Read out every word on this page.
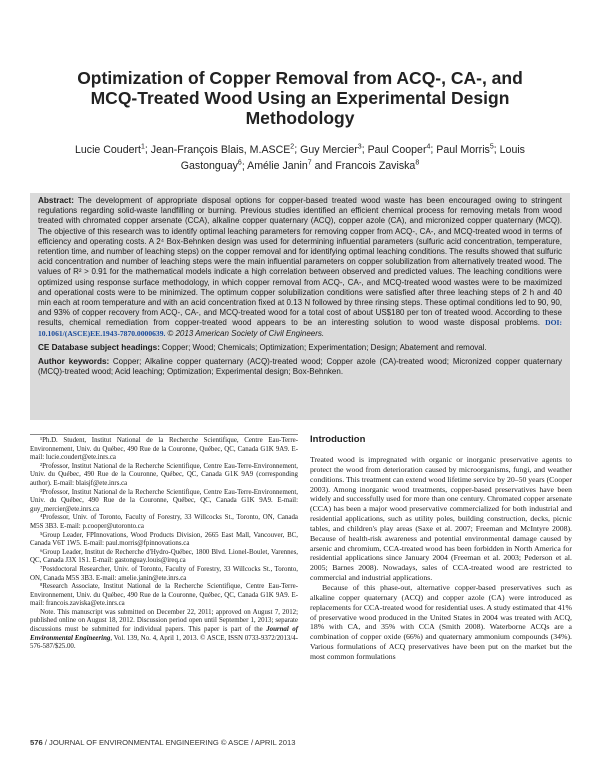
Optimization of Copper Removal from ACQ-, CA-, and MCQ-Treated Wood Using an Experimental Design Methodology
Lucie Coudert$^1$; Jean-François Blais, M.ASCE$^2$; Guy Mercier$^3$; Paul Cooper$^4$; Paul Morris$^5$; Louis Gastonguay$^6$; Amélie Janin$^7$ and Francois Zaviska$^8$

Abstract: The development of appropriate disposal options for copper-based treated wood waste has been encouraged owing to stringent regulations regarding solid-waste landfilling or burning. Previous studies identified an efficient chemical process for removing metals from wood treated with chromated copper arsenate (CCA), alkaline copper quaternary (ACQ), copper azole (CA), and micronized copper quaternary (MCQ). The objective of this research was to identify optimal leaching parameters for removing copper from ACQ-, CA-, and MCQ-treated wood in terms of efficiency and operating costs. A 2⁴ Box-Behnken design was used for determining influential parameters (sulfuric acid concentration, temperature, retention time, and number of leaching steps) on the copper removal and for identifying optimal leaching conditions. The results showed that sulfuric acid concentration and number of leaching steps were the main influential parameters on copper solubilization from alternatively treated wood. The values of R² > 0.91 for the mathematical models indicate a high correlation between observed and predicted values. The leaching conditions were optimized using response surface methodology, in which copper removal from ACQ-, CA-, and MCQ-treated wood wastes were to be maximized and operational costs were to be minimized. The optimum copper solubilization conditions were satisfied after three leaching steps of 2 h and 40 min each at room temperature and with an acid concentration fixed at 0.13 N followed by three rinsing steps. These optimal conditions led to 90, 90, and 93% of copper recovery from ACQ-, CA-, and MCQ-treated wood for a total cost of about US$180 per ton of treated wood. According to these results, chemical remediation from copper-treated wood appears to be an interesting solution to wood waste disposal problems. DOI: 10.1061/(ASCE)EE.1943-7870.0000639. © 2013 American Society of Civil Engineers.

CE Database subject headings: Copper; Wood; Chemicals; Optimization; Experimentation; Design; Abatement and removal.

Author keywords: Copper; Alkaline copper quaternary (ACQ)-treated wood; Copper azole (CA)-treated wood; Micronized copper quaternary (MCQ)-treated wood; Acid leaching; Optimization; Experimental design; Box-Behnken.

¹Ph.D. Student, Institut National de la Recherche Scientifique, Centre Eau-Terre-Environnement, Univ. du Québec, 490 Rue de la Couronne, Québec, QC, Canada G1K 9A9. E-mail: lucie.coudert@ete.inrs.ca

²Professor, Institut National de la Recherche Scientifique, Centre Eau-Terre-Environnement, Univ. du Québec, 490 Rue de la Couronne, Québec, QC, Canada G1K 9A9 (corresponding author). E-mail: blaisjf@ete.inrs.ca

³Professor, Institut National de la Recherche Scientifique, Centre Eau-Terre-Environnement, Univ. du Québec, 490 Rue de la Couronne, Québec, QC, Canada G1K 9A9. E-mail: guy_mercier@ete.inrs.ca

⁴Professor, Univ. of Toronto, Faculty of Forestry, 33 Willcocks St., Toronto, ON, Canada M5S 3B3. E-mail: p.cooper@utoronto.ca

⁵Group Leader, FPInnovations, Wood Products Division, 2665 East Mall, Vancouver, BC, Canada V6T 1W5. E-mail: paul.morris@fpinnovations.ca

⁶Group Leader, Institut de Recherche d'Hydro-Québec, 1800 Blvd. Lionel-Boulet, Varennes, QC, Canada J3X 1S1. E-mail: gastonguay.louis@ireq.ca

⁷Postdoctoral Researcher, Univ. of Toronto, Faculty of Forestry, 33 Willcocks St., Toronto, ON, Canada M5S 3B3. E-mail: amelie.janin@ete.inrs.ca

⁸Research Associate, Institut National de la Recherche Scientifique, Centre Eau-Terre-Environnement, Univ. du Québec, 490 Rue de la Couronne, Québec, QC, Canada G1K 9A9. E-mail: francois.zaviska@ete.inrs.ca

Note. This manuscript was submitted on December 22, 2011; approved on August 7, 2012; published online on August 18, 2012. Discussion period open until September 1, 2013; separate discussions must be submitted for individual papers. This paper is part of the Journal of Environmental Engineering, Vol. 139, No. 4, April 1, 2013. © ASCE, ISSN 0733-9372/2013/4-576-587/$25.00.

Introduction

Treated wood is impregnated with organic or inorganic preservative agents to protect the wood from deterioration caused by microorganisms, fungi, and weather conditions. This treatment can extend wood lifetime service by 20–50 years (Cooper 2003). Among inorganic wood treatments, copper-based preservatives have been widely and successfully used for more than one century. Chromated copper arsenate (CCA) has been a major wood preservative commercialized for both industrial and residential applications, such as utility poles, building construction, decks, picnic tables, and children's play areas (Saxe et al. 2007; Freeman and McIntyre 2008). Because of health-risk awareness and potential environmental damage caused by arsenic and chromium, CCA-treated wood has been forbidden in North America for residential applications since January 2004 (Freeman et al. 2003; Pederson et al. 2005; Barnes 2008). Nowadays, sales of CCA-treated wood are restricted to commercial and industrial applications.

Because of this phase-out, alternative copper-based preservatives such as alkaline copper quaternary (ACQ) and copper azole (CA) were introduced as replacements for CCA-treated wood for residential uses. A study estimated that 41% of preservative wood produced in the United States in 2004 was treated with ACQ, 18% with CA, and 35% with CCA (Smith 2008). Waterborne ACQs are a combination of copper oxide (66%) and quaternary ammonium compounds (34%). Various formulations of ACQ preservatives have been put on the market but the most common formulations

576 / JOURNAL OF ENVIRONMENTAL ENGINEERING © ASCE / APRIL 2013
